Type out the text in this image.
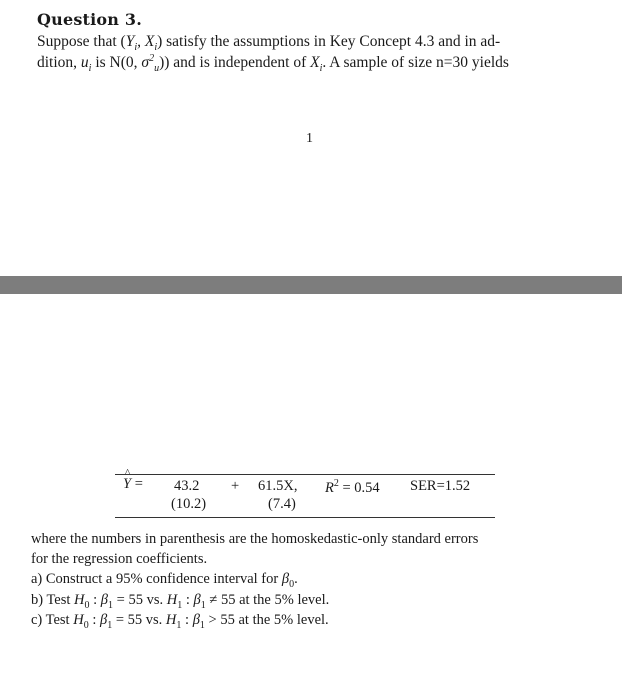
Question 3.
Suppose that ($Y_i$, $X_i$) satisfy the assumptions in Key Concept 4.3 and in ad-
dition, $u_i$ is N(0, $\sigma^2_u$)) and is independent of $X_i$. A sample of size n=30 yields
1
^ Y = 43.2 + 61.5X, $R^2 = 0.54$ SER=1.52
(10.2)	(7.4)
where the numbers in parenthesis are the homoskedastic-only standard errors
for the regression coefficients.
a) Construct a 95% confidence interval for $\beta_0$.
b) Test $H_0$ : $\beta_1 = 55$ vs. $H_1$ : $\beta_1 \ne 55$ at the 5% level.
c) Test $H_0$ : $\beta_1 = 55$ vs. $H_1$ : $\beta_1 > 55$ at the 5% level.
